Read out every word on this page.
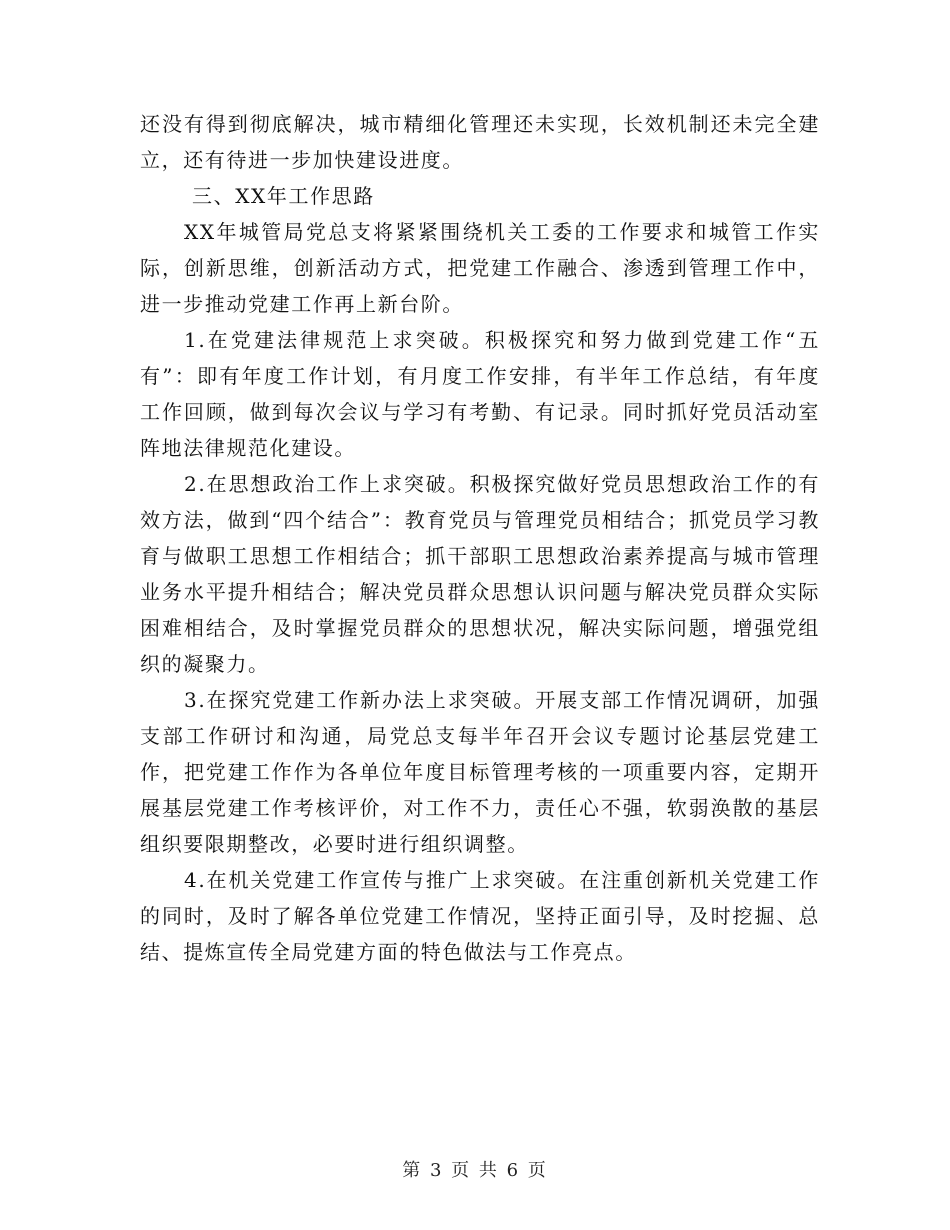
还没有得到彻底解决，城市精细化管理还未实现，长效机制还未完全建立，还有待进一步加快建设进度。

三、XX年工作思路

XX年城管局党总支将紧紧围绕机关工委的工作要求和城管工作实际，创新思维，创新活动方式，把党建工作融合、渗透到管理工作中，进一步推动党建工作再上新台阶。

1.在党建法律规范上求突破。积极探究和努力做到党建工作“五有”：即有年度工作计划，有月度工作安排，有半年工作总结，有年度工作回顾，做到每次会议与学习有考勤、有记录。同时抓好党员活动室阵地法律规范化建设。

2.在思想政治工作上求突破。积极探究做好党员思想政治工作的有效方法，做到“四个结合”：教育党员与管理党员相结合；抓党员学习教育与做职工思想工作相结合；抓干部职工思想政治素养提高与城市管理业务水平提升相结合；解决党员群众思想认识问题与解决党员群众实际困难相结合，及时掌握党员群众的思想状况，解决实际问题，增强党组织的凝聚力。

3.在探究党建工作新办法上求突破。开展支部工作情况调研，加强支部工作研讨和沟通，局党总支每半年召开会议专题讨论基层党建工作，把党建工作作为各单位年度目标管理考核的一项重要内容，定期开展基层党建工作考核评价，对工作不力，责任心不强，软弱涣散的基层组织要限期整改，必要时进行组织调整。

4.在机关党建工作宣传与推广上求突破。在注重创新机关党建工作的同时，及时了解各单位党建工作情况，坚持正面引导，及时挖掘、总结、提炼宣传全局党建方面的特色做法与工作亮点。

第 3 页 共 6 页
